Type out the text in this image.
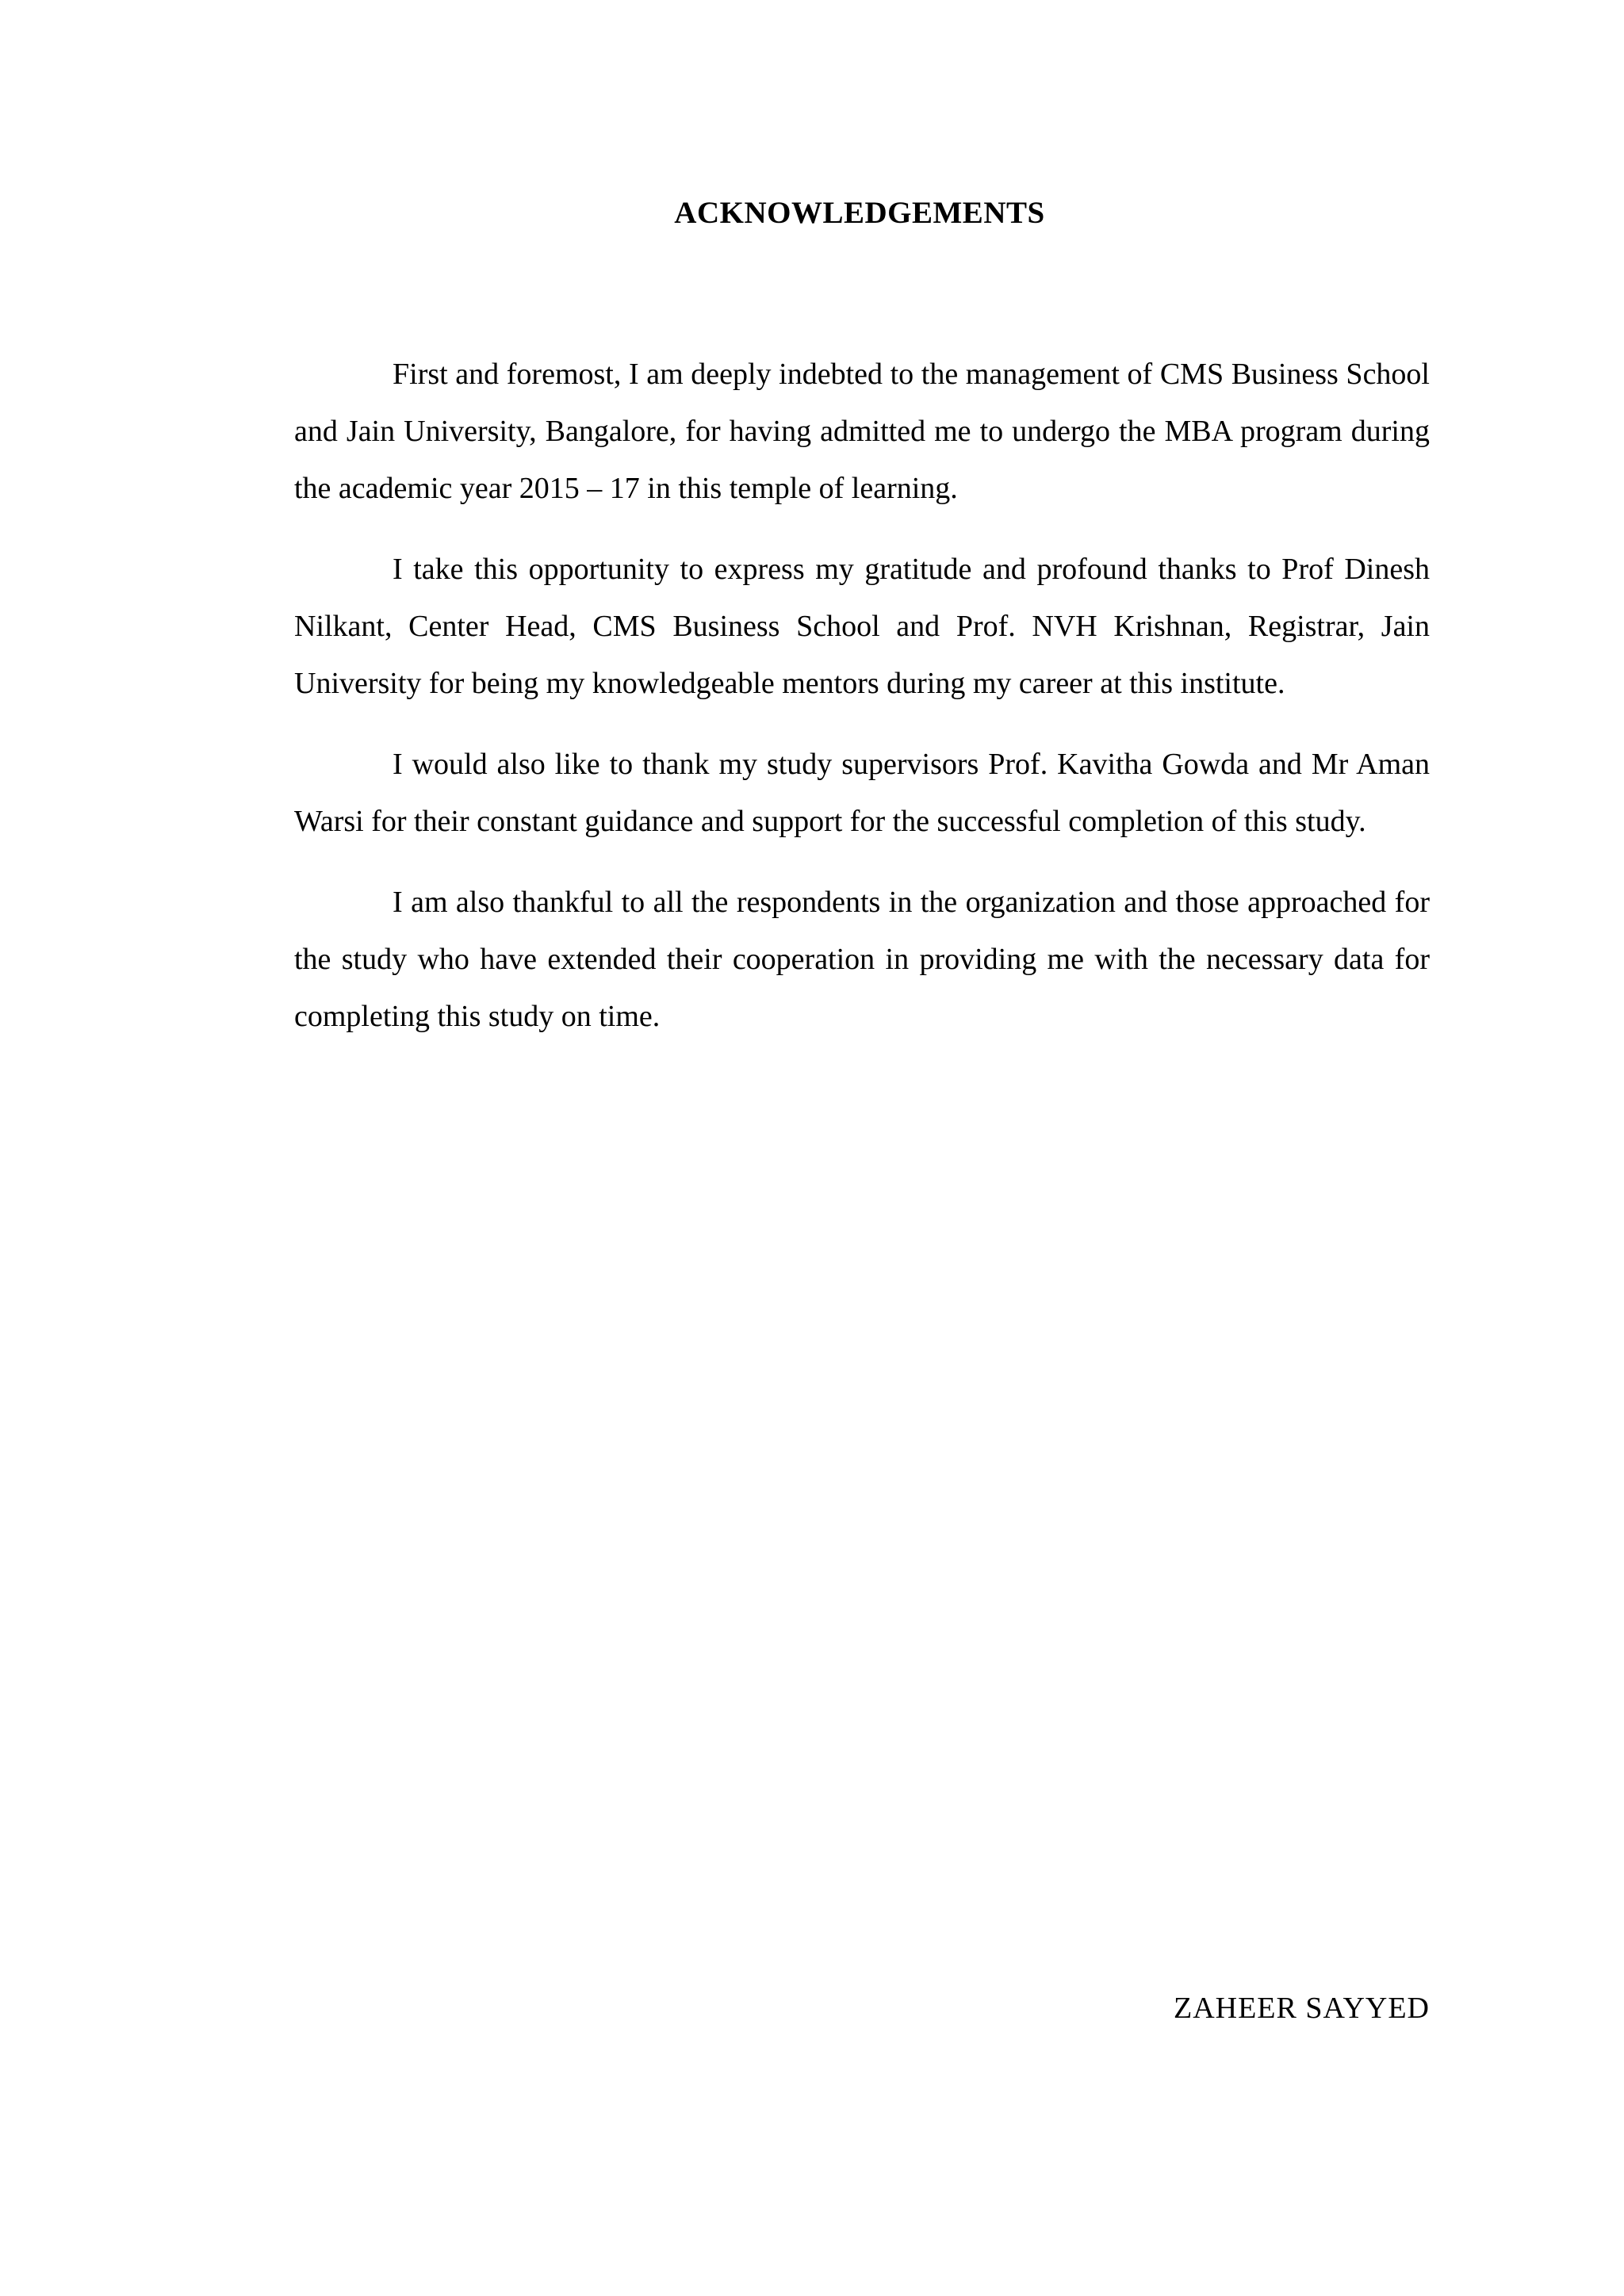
ACKNOWLEDGEMENTS

First and foremost, I am deeply indebted to the management of CMS Business School and Jain University, Bangalore, for having admitted me to undergo the MBA program during the academic year 2015 – 17 in this temple of learning.

I take this opportunity to express my gratitude and profound thanks to Prof Dinesh Nilkant, Center Head, CMS Business School and Prof. NVH Krishnan, Registrar, Jain University for being my knowledgeable mentors during my career at this institute.

I would also like to thank my study supervisors Prof. Kavitha Gowda and Mr Aman Warsi for their constant guidance and support for the successful completion of this study.

I am also thankful to all the respondents in the organization and those approached for the study who have extended their cooperation in providing me with the necessary data for completing this study on time.

ZAHEER SAYYED
